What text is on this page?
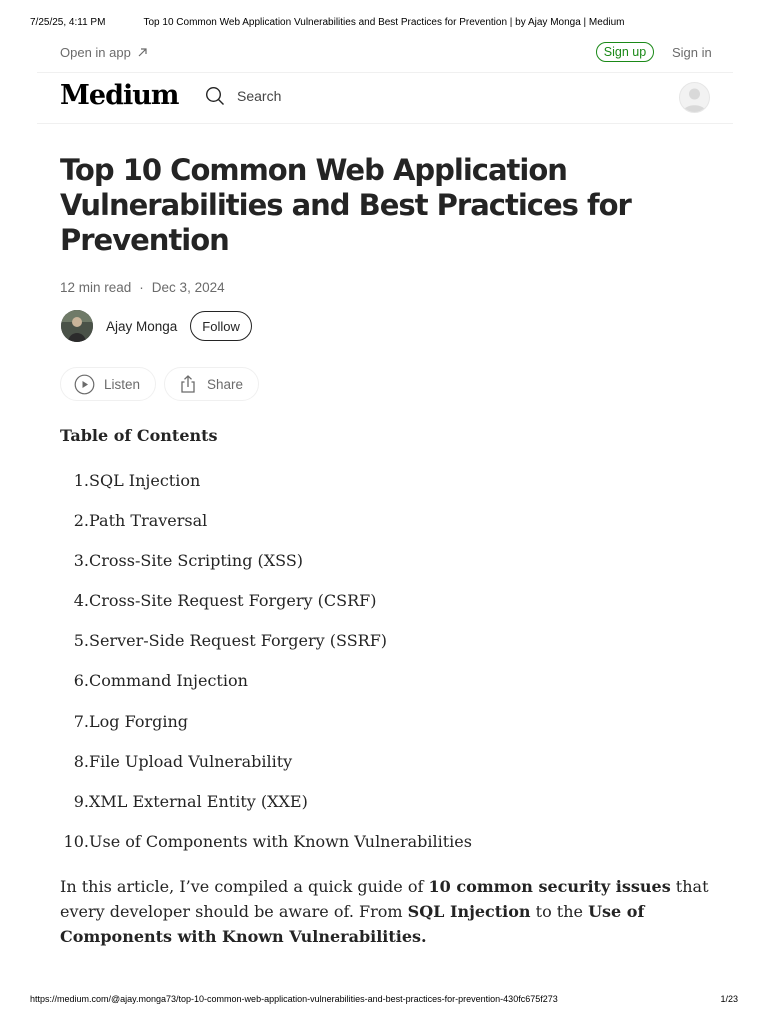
7/25/25, 4:11 PM	Top 10 Common Web Application Vulnerabilities and Best Practices for Prevention | by Ajay Monga | Medium
Open in app	Sign up	Sign in
Medium
Search
Top 10 Common Web Application Vulnerabilities and Best Practices for Prevention
12 min read · Dec 3, 2024
Ajay Monga	Follow
Listen	Share
Table of Contents
1. SQL Injection
2. Path Traversal
3. Cross-Site Scripting (XSS)
4. Cross-Site Request Forgery (CSRF)
5. Server-Side Request Forgery (SSRF)
6. Command Injection
7. Log Forging
8. File Upload Vulnerability
9. XML External Entity (XXE)
10. Use of Components with Known Vulnerabilities

In this article, I’ve compiled a quick guide of 10 common security issues that every developer should be aware of. From SQL Injection to the Use of Components with Known Vulnerabilities.

https://medium.com/@ajay.monga73/top-10-common-web-application-vulnerabilities-and-best-practices-for-prevention-430fc675f273	1/23
